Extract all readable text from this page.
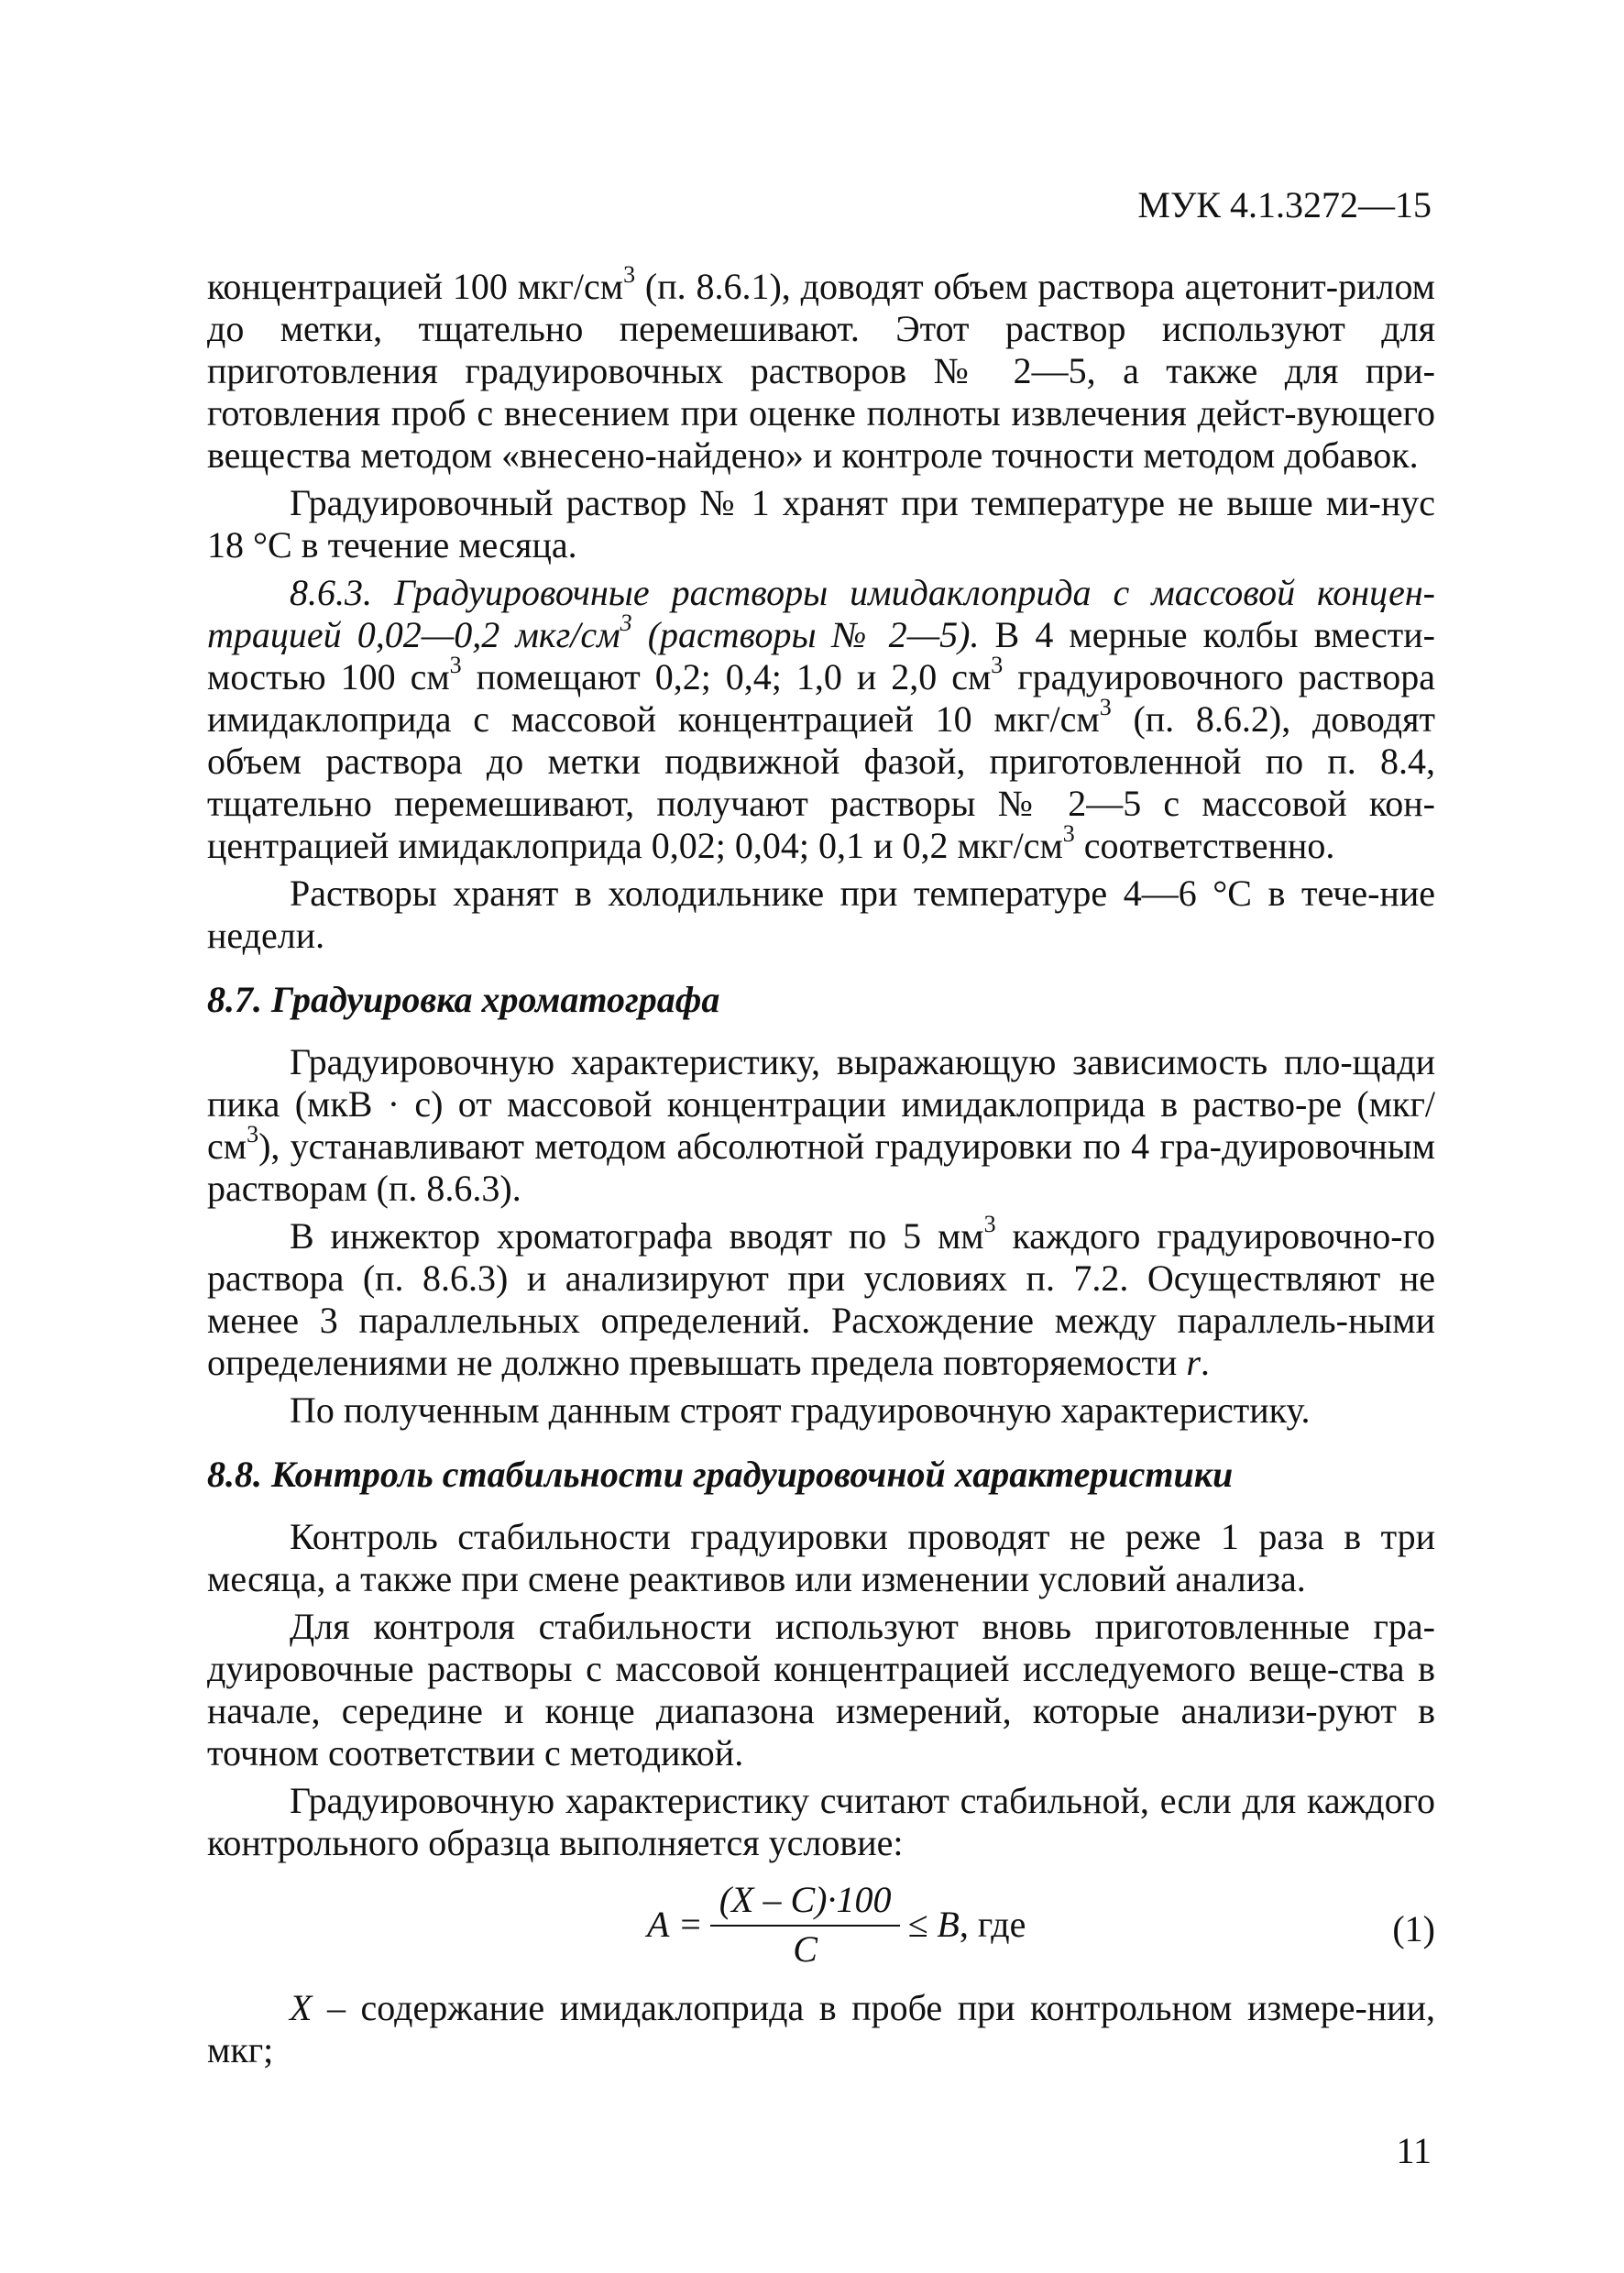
МУК 4.1.3272—15

концентрацией 100 мкг/$см^3$ (п. 8.6.1), доводят объем раствора ацетонит-рилом до метки, тщательно перемешивают. Этот раствор используют для приготовления градуировочных растворов № 2—5, а также для при-готовления проб с внесением при оценке полноты извлечения дейст-вующего вещества методом «внесено-найдено» и контроле точности методом добавок.

Градуировочный раствор № 1 хранят при температуре не выше ми-нус 18 °С в течение месяца.

8.6.3. Градуировочные растворы имидаклоприда с массовой концен-трацией 0,02—0,2 мкг/$см^3$ (растворы № 2—5). В 4 мерные колбы вмести-мостью 100 $см^3$ помещают 0,2; 0,4; 1,0 и 2,0 $см^3$ градуировочного раствора имидаклоприда с массовой концентрацией 10 мкг/$см^3$ (п. 8.6.2), доводят объем раствора до метки подвижной фазой, приготовленной по п. 8.4, тщательно перемешивают, получают растворы № 2—5 с массовой кон-центрацией имидаклоприда 0,02; 0,04; 0,1 и 0,2 мкг/$см^3$ соответственно.

Растворы хранят в холодильнике при температуре 4—6 °С в тече-ние недели.

8.7. Градуировка хроматографа

Градуировочную характеристику, выражающую зависимость пло-щади пика (мкВ · с) от массовой концентрации имидаклоприда в раство-ре $(мкг/см^3)$, устанавливают методом абсолютной градуировки по 4 гра-дуировочным растворам (п. 8.6.3).

В инжектор хроматографа вводят по 5 $мм^3$ каждого градуировочно-го раствора (п. 8.6.3) и анализируют при условиях п. 7.2. Осуществляют не менее 3 параллельных определений. Расхождение между параллель-ными определениями не должно превышать предела повторяемости r.

По полученным данным строят градуировочную характеристику.

8.8. Контроль стабильности градуировочной характеристики

Контроль стабильности градуировки проводят не реже 1 раза в три месяца, а также при смене реактивов или изменении условий анализа.

Для контроля стабильности используют вновь приготовленные гра-дуировочные растворы с массовой концентрацией исследуемого веще-ства в начале, середине и конце диапазона измерений, которые анализи-руют в точном соответствии с методикой.

Градуировочную характеристику считают стабильной, если для каждого контрольного образца выполняется условие:

$A = \frac{(X - C)\cdot 100}{C} \le B$ , где	(1)

X – содержание имидаклоприда в пробе при контрольном измере-нии, мкг;

11
